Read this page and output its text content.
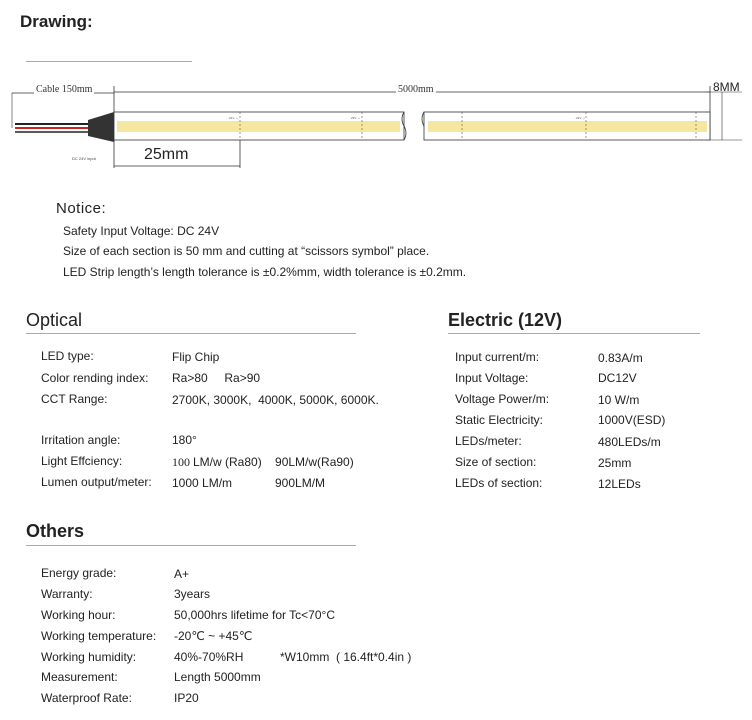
Drawing:
·24V· +	·24V· +	·24V· +
Cable 150mm	5000mm	8MM
25mm
DC 24V input
Notice:
Safety Input Voltage: DC 24V
Size of each section is 50 mm and cutting at “scissors symbol” place.
LED Strip length’s length tolerance is ±0.2%mm, width tolerance is ±0.2mm.
Optical
LED type:	Flip Chip
Color rending index: Ra>80     Ra>90
CCT Range:	2700K, 3000K,  4000K, 5000K, 6000K.
Irritation angle:	180°
Light Effciency:	100 LM/w (Ra80)    90LM/w(Ra90)
Lumen output/meter: 1000 LM/m	900LM/M
Electric (12V)
Input current/m:	0.83A/m
Input Voltage:	DC12V
Voltage Power/m:	10 W/m
Static Electricity:	1000V(ESD)
LEDs/meter:	480LEDs/m
Size of section:	25mm
LEDs of section:	12LEDs
Others
Energy grade:	A+
Warranty:	3years
Working hour:	50,000hrs lifetime for Tc<70°C
Working temperature: -20℃ ~ +45℃
Working humidity:	40%-70%RH	*W10mm  ( 16.4ft*0.4in )
Measurement:	Length 5000mm
Waterproof Rate:	IP20
